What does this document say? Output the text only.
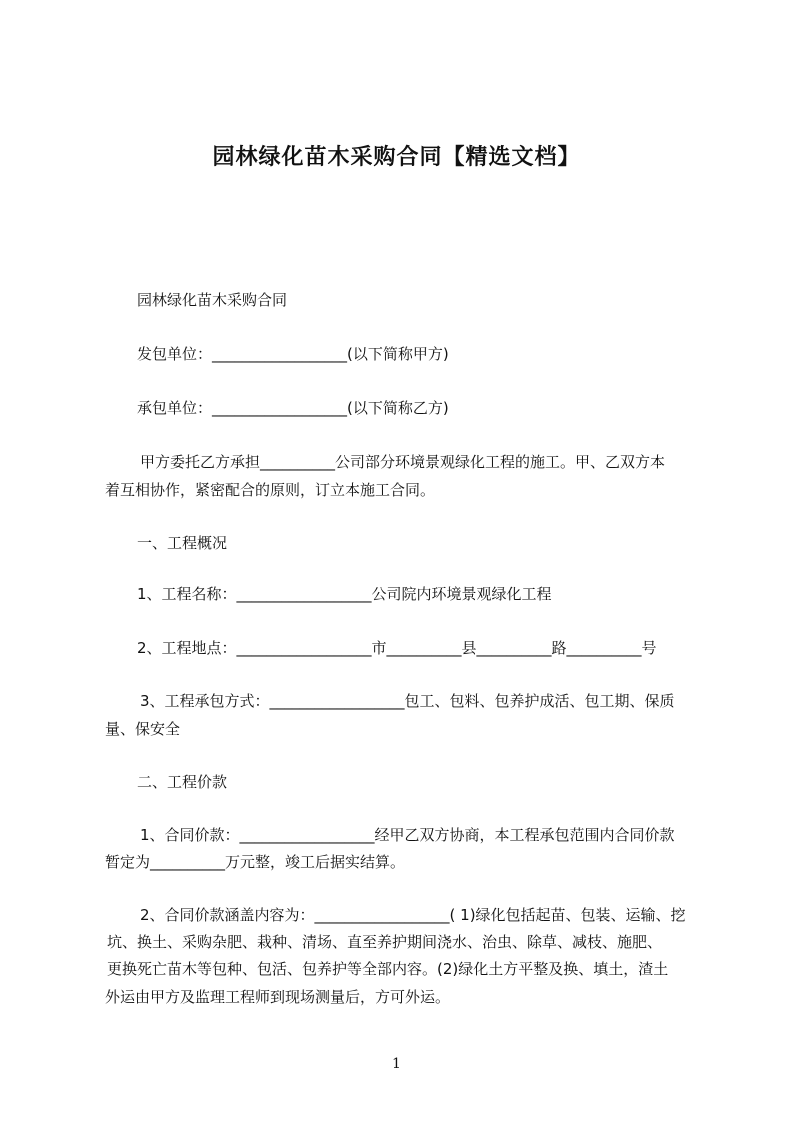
园林绿化苗木采购合同【精选文档】
园林绿化苗木采购合同
发包单位：__________________(以下简称甲方)
承包单位：__________________(以下简称乙方)
甲方委托乙方承担__________公司部分环境景观绿化工程的施工。甲、乙双方本
着互相协作，紧密配合的原则，订立本施工合同。
一、工程概况
1、工程名称：__________________公司院内环境景观绿化工程
2、工程地点：__________________市__________县__________路__________号
3、工程承包方式：__________________包工、包料、包养护成活、包工期、保质
量、保安全
二、工程价款
1、合同价款：__________________经甲乙双方协商，本工程承包范围内合同价款
暂定为__________万元整，竣工后据实结算。
2、合同价款涵盖内容为：__________________( 1)绿化包括起苗、包装、运输、挖
坑、换土、采购杂肥、栽种、清场、直至养护期间浇水、治虫、除草、减枝、施肥、
更换死亡苗木等包种、包活、包养护等全部内容。(2)绿化土方平整及换、填土，渣土
外运由甲方及监理工程师到现场测量后，方可外运。
1
